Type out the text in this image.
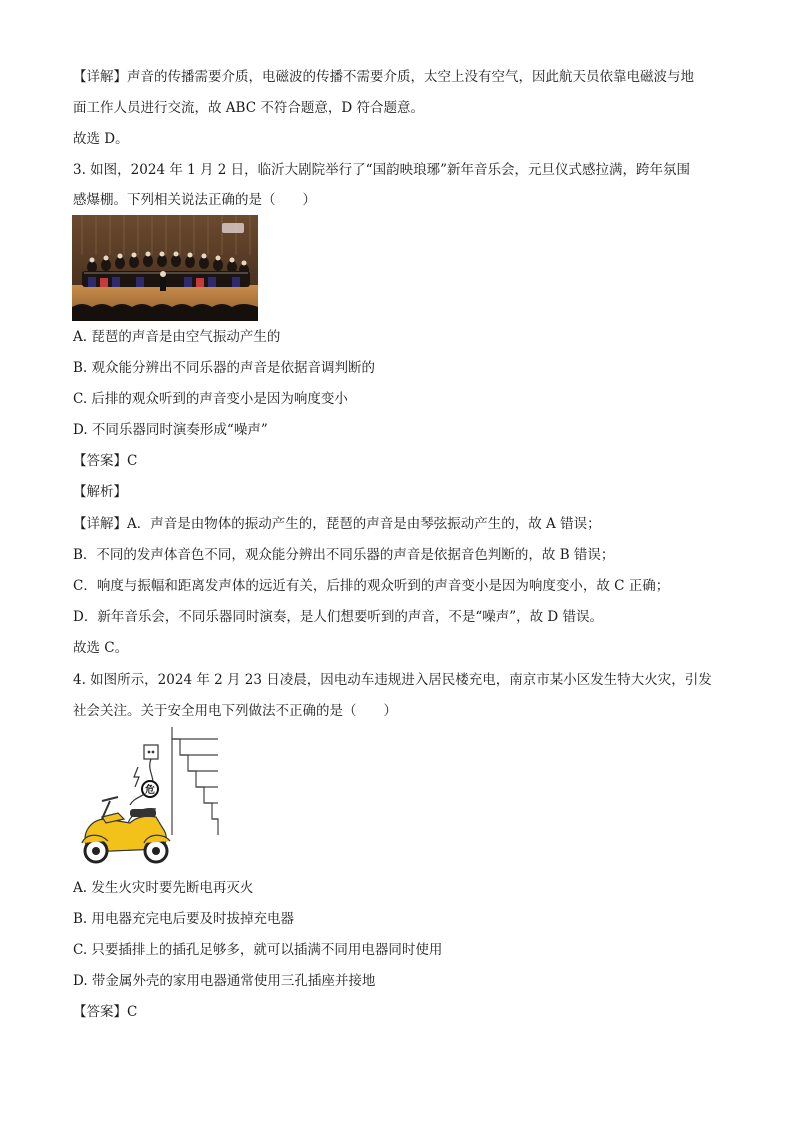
【详解】声音的传播需要介质，电磁波的传播不需要介质，太空上没有空气，因此航天员依靠电磁波与地
面工作人员进行交流，故 ABC 不符合题意，D 符合题意。
故选 D。
3. 如图，2024 年 1 月 2 日，临沂大剧院举行了“国韵映琅琊”新年音乐会，元旦仪式感拉满，跨年氛围
感爆棚。下列相关说法正确的是（　　）
A. 琵琶的声音是由空气振动产生的
B. 观众能分辨出不同乐器的声音是依据音调判断的
C. 后排的观众听到的声音变小是因为响度变小
D. 不同乐器同时演奏形成“噪声”
【答案】C
【解析】
【详解】A．声音是由物体的振动产生的，琵琶的声音是由琴弦振动产生的，故 A 错误；
B．不同的发声体音色不同，观众能分辨出不同乐器的声音是依据音色判断的，故 B 错误；
C．响度与振幅和距离发声体的远近有关，后排的观众听到的声音变小是因为响度变小，故 C 正确；
D．新年音乐会，不同乐器同时演奏，是人们想要听到的声音，不是“噪声”，故 D 错误。
故选 C。
4. 如图所示，2024 年 2 月 23 日凌晨，因电动车违规进入居民楼充电，南京市某小区发生特大火灾，引发
社会关注。关于安全用电下列做法不正确的是（　　）
危
A. 发生火灾时要先断电再灭火
B. 用电器充完电后要及时拔掉充电器
C. 只要插排上的插孔足够多，就可以插满不同用电器同时使用
D. 带金属外壳的家用电器通常使用三孔插座并接地
【答案】C
